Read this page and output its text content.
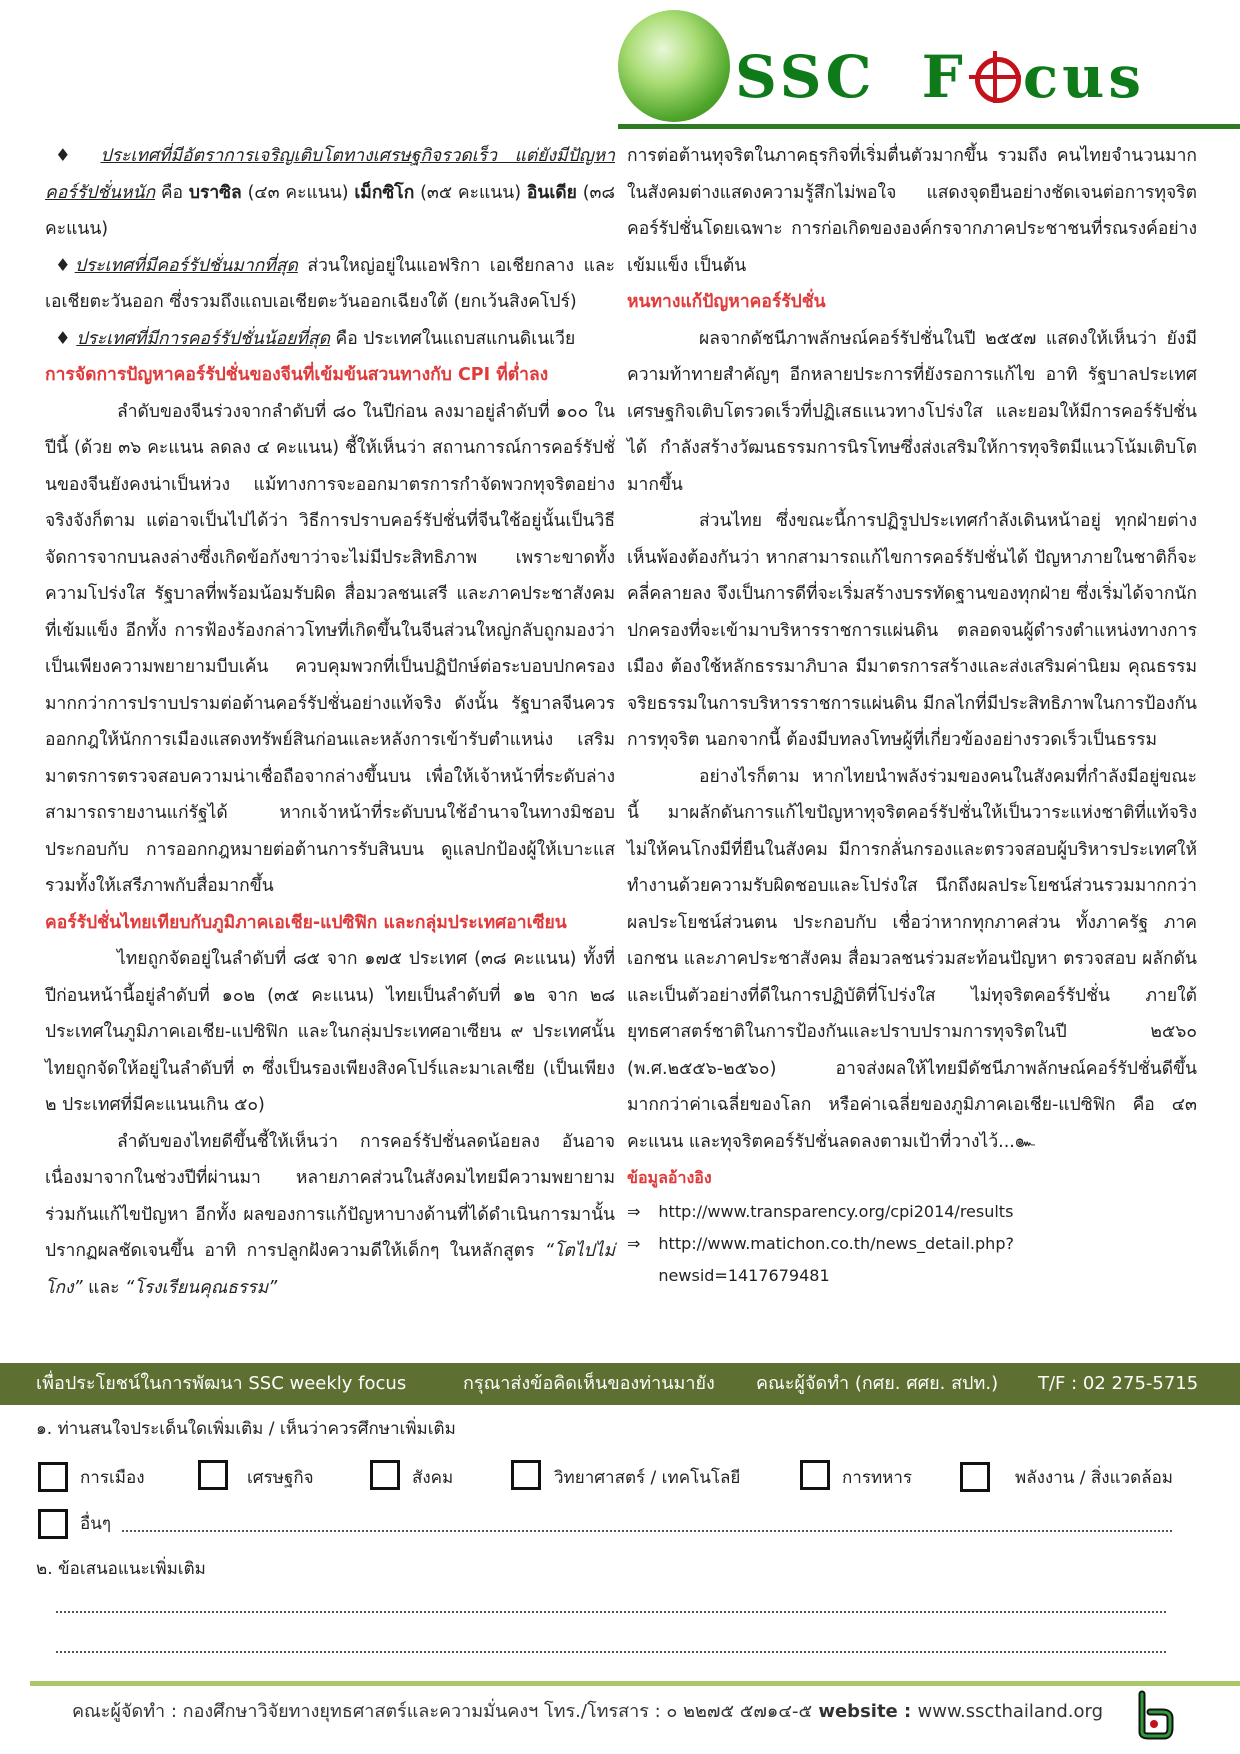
SSC F cus

♦ ประเทศที่มีอัตราการเจริญเติบโตทางเศรษฐกิจรวดเร็ว แต่ยังมีปัญหาคอร์รัปชั่นหนัก คือ บราซิล (๔๓ คะแนน) เม็กซิโก (๓๕ คะแนน) อินเดีย (๓๘ คะแนน)

♦ประเทศที่มีคอร์รัปชั่นมากที่สุด ส่วนใหญ่อยู่ในแอฟริกา เอเชียกลาง และเอเชียตะวันออก ซึ่งรวมถึงแถบเอเชียตะวันออกเฉียงใต้ (ยกเว้นสิงคโปร์)

♦ ประเทศที่มีการคอร์รัปชั่นน้อยที่สุด คือ ประเทศในแถบสแกนดิเนเวีย

การจัดการปัญหาคอร์รัปชั่นของจีนที่เข้มข้นสวนทางกับ CPI ที่ต่ำลง

ลำดับของจีนร่วงจากลำดับที่ ๘๐ ในปีก่อน ลงมาอยู่ลำดับที่ ๑๐๐ ในปีนี้ (ด้วย ๓๖ คะแนน ลดลง ๔ คะแนน) ชี้ให้เห็นว่า สถานการณ์การคอร์รัปชั่นของจีนยังคงน่าเป็นห่วง แม้ทางการจะออกมาตรการกำจัดพวกทุจริตอย่างจริงจังก็ตาม แต่อาจเป็นไปได้ว่า วิธีการปราบคอร์รัปชั่นที่จีนใช้อยู่นั้นเป็นวิธีจัดการจากบนลงล่างซึ่งเกิดข้อกังขาว่าจะไม่มีประสิทธิภาพ เพราะขาดทั้งความโปร่งใส รัฐบาลที่พร้อมน้อมรับผิด สื่อมวลชนเสรี และภาคประชาสังคมที่เข้มแข็ง อีกทั้ง การฟ้องร้องกล่าวโทษที่เกิดขึ้นในจีนส่วนใหญ่กลับถูกมองว่าเป็นเพียงความพยายามบีบเค้น ควบคุมพวกที่เป็นปฏิปักษ์ต่อระบอบปกครองมากกว่าการปราบปรามต่อต้านคอร์รัปชั่นอย่างแท้จริง ดังนั้น รัฐบาลจีนควรออกกฎให้นักการเมืองแสดงทรัพย์สินก่อนและหลังการเข้ารับตำแหน่ง เสริมมาตรการตรวจสอบความน่าเชื่อถือจากล่างขึ้นบน เพื่อให้เจ้าหน้าที่ระดับล่างสามารถรายงานแก่รัฐได้ หากเจ้าหน้าที่ระดับบนใช้อำนาจในทางมิชอบ ประกอบกับ การออกกฎหมายต่อต้านการรับสินบน ดูแลปกป้องผู้ให้เบาะแส รวมทั้งให้เสรีภาพกับสื่อมากขึ้น

คอร์รัปชั่นไทยเทียบกับภูมิภาคเอเชีย-แปซิฟิก และกลุ่มประเทศอาเซียน

ไทยถูกจัดอยู่ในลำดับที่ ๘๕ จาก ๑๗๕ ประเทศ (๓๘ คะแนน) ทั้งที่ปีก่อนหน้านี้อยู่ลำดับที่ ๑๐๒ (๓๕ คะแนน) ไทยเป็นลำดับที่ ๑๒ จาก ๒๘ ประเทศในภูมิภาคเอเชีย-แปซิฟิก และในกลุ่มประเทศอาเซียน ๙ ประเทศนั้น ไทยถูกจัดให้อยู่ในลำดับที่ ๓ ซึ่งเป็นรองเพียงสิงคโปร์และมาเลเซีย (เป็นเพียง ๒ ประเทศที่มีคะแนนเกิน ๕๐)

ลำดับของไทยดีขึ้นชี้ให้เห็นว่า การคอร์รัปชั่นลดน้อยลง อันอาจเนื่องมาจากในช่วงปีที่ผ่านมา หลายภาคส่วนในสังคมไทยมีความพยายามร่วมกันแก้ไขปัญหา อีกทั้ง ผลของการแก้ปัญหาบางด้านที่ได้ดำเนินการมานั้นปรากฏผลชัดเจนขึ้น อาทิ การปลูกฝังความดีให้เด็กๆ ในหลักสูตร “โตไปไม่โกง” และ “โรงเรียนคุณธรรม”

การต่อต้านทุจริตในภาคธุรกิจที่เริ่มตื่นตัวมากขึ้น รวมถึง คนไทยจำนวนมากในสังคมต่างแสดงความรู้สึกไม่พอใจ แสดงจุดยืนอย่างชัดเจนต่อการทุจริตคอร์รัปชั่นโดยเฉพาะ การก่อเกิดขององค์กรจากภาคประชาชนที่รณรงค์อย่างเข้มแข็ง เป็นต้น

หนทางแก้ปัญหาคอร์รัปชั่น

ผลจากดัชนีภาพลักษณ์คอร์รัปชั่นในปี ๒๕๕๗ แสดงให้เห็นว่า ยังมีความท้าทายสำคัญๆ อีกหลายประการที่ยังรอการแก้ไข อาทิ รัฐบาลประเทศเศรษฐกิจเติบโตรวดเร็วที่ปฏิเสธแนวทางโปร่งใส และยอมให้มีการคอร์รัปชั่นได้ กำลังสร้างวัฒนธรรมการนิรโทษซึ่งส่งเสริมให้การทุจริตมีแนวโน้มเติบโตมากขึ้น

ส่วนไทย ซึ่งขณะนี้การปฏิรูปประเทศกำลังเดินหน้าอยู่ ทุกฝ่ายต่างเห็นพ้องต้องกันว่า หากสามารถแก้ไขการคอร์รัปชั่นได้ ปัญหาภายในชาติก็จะคลี่คลายลง จึงเป็นการดีที่จะเริ่มสร้างบรรทัดฐานของทุกฝ่าย ซึ่งเริ่มได้จากนักปกครองที่จะเข้ามาบริหารราชการแผ่นดิน ตลอดจนผู้ดำรงตำแหน่งทางการเมือง ต้องใช้หลักธรรมาภิบาล มีมาตรการสร้างและส่งเสริมค่านิยม คุณธรรมจริยธรรมในการบริหารราชการแผ่นดิน มีกลไกที่มีประสิทธิภาพในการป้องกันการทุจริต นอกจากนี้ ต้องมีบทลงโทษผู้ที่เกี่ยวข้องอย่างรวดเร็วเป็นธรรม

อย่างไรก็ตาม หากไทยนำพลังร่วมของคนในสังคมที่กำลังมีอยู่ขณะนี้ มาผลักดันการแก้ไขปัญหาทุจริตคอร์รัปชั่นให้เป็นวาระแห่งชาติที่แท้จริง ไม่ให้คนโกงมีที่ยืนในสังคม มีการกลั่นกรองและตรวจสอบผู้บริหารประเทศให้ทำงานด้วยความรับผิดชอบและโปร่งใส นึกถึงผลประโยชน์ส่วนรวมมากกว่าผลประโยชน์ส่วนตน ประกอบกับ เชื่อว่าหากทุกภาคส่วน ทั้งภาครัฐ ภาคเอกชน และภาคประชาสังคม สื่อมวลชนร่วมสะท้อนปัญหา ตรวจสอบ ผลักดัน และเป็นตัวอย่างที่ดีในการปฏิบัติที่โปร่งใส ไม่ทุจริตคอร์รัปชั่น ภายใต้ยุทธศาสตร์ชาติในการป้องกันและปราบปรามการทุจริตในปี ๒๕๖๐ (พ.ศ.๒๕๕๖-๒๕๖๐) อาจส่งผลให้ไทยมีดัชนีภาพลักษณ์คอร์รัปชั่นดีขึ้นมากกว่าค่าเฉลี่ยของโลก หรือค่าเฉลี่ยของภูมิภาคเอเชีย-แปซิฟิก คือ ๔๓ คะแนน และทุจริตคอร์รัปชั่นลดลงตามเป้าที่วางไว้...๛

ข้อมูลอ้างอิง

⇒ http://www.transparency.org/cpi2014/results
⇒ http://www.matichon.co.th/news_detail.php?
newsid=1417679481
เพื่อประโยชน์ในการพัฒนา SSC weekly focus	กรุณาส่งข้อคิดเห็นของท่านมายัง คณะผู้จัดทำ (กศย. ศศย. สปท.) T/F : 02 275-5715
๑. ท่านสนใจประเด็นใดเพิ่มเติม / เห็นว่าควรศึกษาเพิ่มเติม
การเมือง	เศรษฐกิจ	สังคม	วิทยาศาสตร์ / เทคโนโลยี	การทหาร	พลังงาน / สิ่งแวดล้อม
อื่นๆ
๒. ข้อเสนอแนะเพิ่มเติม
คณะผู้จัดทำ : กองศึกษาวิจัยทางยุทธศาสตร์และความมั่นคงฯ โทร./โทรสาร : ๐ ๒๒๗๕ ๕๗๑๔-๕ website : www.sscthailand.org
